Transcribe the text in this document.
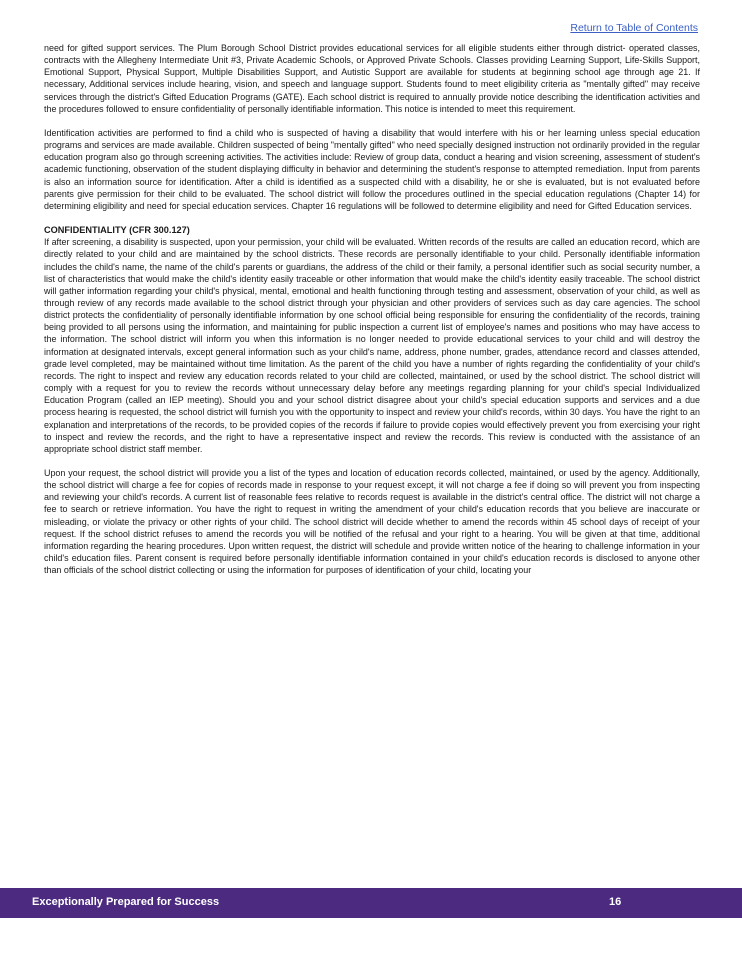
Return to Table of Contents

need for gifted support services. The Plum Borough School District provides educational services for all eligible students either through district- operated classes, contracts with the Allegheny Intermediate Unit #3, Private Academic Schools, or Approved Private Schools. Classes providing Learning Support, Life-Skills Support, Emotional Support, Physical Support, Multiple Disabilities Support, and Autistic Support are available for students at beginning school age through age 21. If necessary, Additional services include hearing, vision, and speech and language support. Students found to meet eligibility criteria as "mentally gifted" may receive services through the district's Gifted Education Programs (GATE). Each school district is required to annually provide notice describing the identification activities and the procedures followed to ensure confidentiality of personally identifiable information. This notice is intended to meet this requirement.

Identification activities are performed to find a child who is suspected of having a disability that would interfere with his or her learning unless special education programs and services are made available. Children suspected of being "mentally gifted" who need specially designed instruction not ordinarily provided in the regular education program also go through screening activities. The activities include: Review of group data, conduct a hearing and vision screening, assessment of student's academic functioning, observation of the student displaying difficulty in behavior and determining the student's response to attempted remediation. Input from parents is also an information source for identification. After a child is identified as a suspected child with a disability, he or she is evaluated, but is not evaluated before parents give permission for their child to be evaluated. The school district will follow the procedures outlined in the special education regulations (Chapter 14) for determining eligibility and need for special education services. Chapter 16 regulations will be followed to determine eligibility and need for Gifted Education services.

CONFIDENTIALITY (CFR 300.127)

If after screening, a disability is suspected, upon your permission, your child will be evaluated. Written records of the results are called an education record, which are directly related to your child and are maintained by the school districts. These records are personally identifiable to your child. Personally identifiable information includes the child's name, the name of the child's parents or guardians, the address of the child or their family, a personal identifier such as social security number, a list of characteristics that would make the child's identity easily traceable or other information that would make the child's identity easily traceable. The school district will gather information regarding your child's physical, mental, emotional and health functioning through testing and assessment, observation of your child, as well as through review of any records made available to the school district through your physician and other providers of services such as day care agencies. The school district protects the confidentiality of personally identifiable information by one school official being responsible for ensuring the confidentiality of the records, training being provided to all persons using the information, and maintaining for public inspection a current list of employee's names and positions who may have access to the information. The school district will inform you when this information is no longer needed to provide educational services to your child and will destroy the information at designated intervals, except general information such as your child's name, address, phone number, grades, attendance record and classes attended, grade level completed, may be maintained without time limitation. As the parent of the child you have a number of rights regarding the confidentiality of your child's records. The right to inspect and review any education records related to your child are collected, maintained, or used by the school district. The school district will comply with a request for you to review the records without unnecessary delay before any meetings regarding planning for your child's special Individualized Education Program (called an IEP meeting). Should you and your school district disagree about your child's special education supports and services and a due process hearing is requested, the school district will furnish you with the opportunity to inspect and review your child's records, within 30 days. You have the right to an explanation and interpretations of the records, to be provided copies of the records if failure to provide copies would effectively prevent you from exercising your right to inspect and review the records, and the right to have a representative inspect and review the records. This review is conducted with the assistance of an appropriate school district staff member.

Upon your request, the school district will provide you a list of the types and location of education records collected, maintained, or used by the agency. Additionally, the school district will charge a fee for copies of records made in response to your request except, it will not charge a fee if doing so will prevent you from inspecting and reviewing your child's records. A current list of reasonable fees relative to records request is available in the district's central office. The district will not charge a fee to search or retrieve information. You have the right to request in writing the amendment of your child's education records that you believe are inaccurate or misleading, or violate the privacy or other rights of your child. The school district will decide whether to amend the records within 45 school days of receipt of your request. If the school district refuses to amend the records you will be notified of the refusal and your right to a hearing. You will be given at that time, additional information regarding the hearing procedures. Upon written request, the district will schedule and provide written notice of the hearing to challenge information in your child's education files. Parent consent is required before personally identifiable information contained in your child's education records is disclosed to anyone other than officials of the school district collecting or using the information for purposes of identification of your child, locating your

Exceptionally Prepared for Success	16
